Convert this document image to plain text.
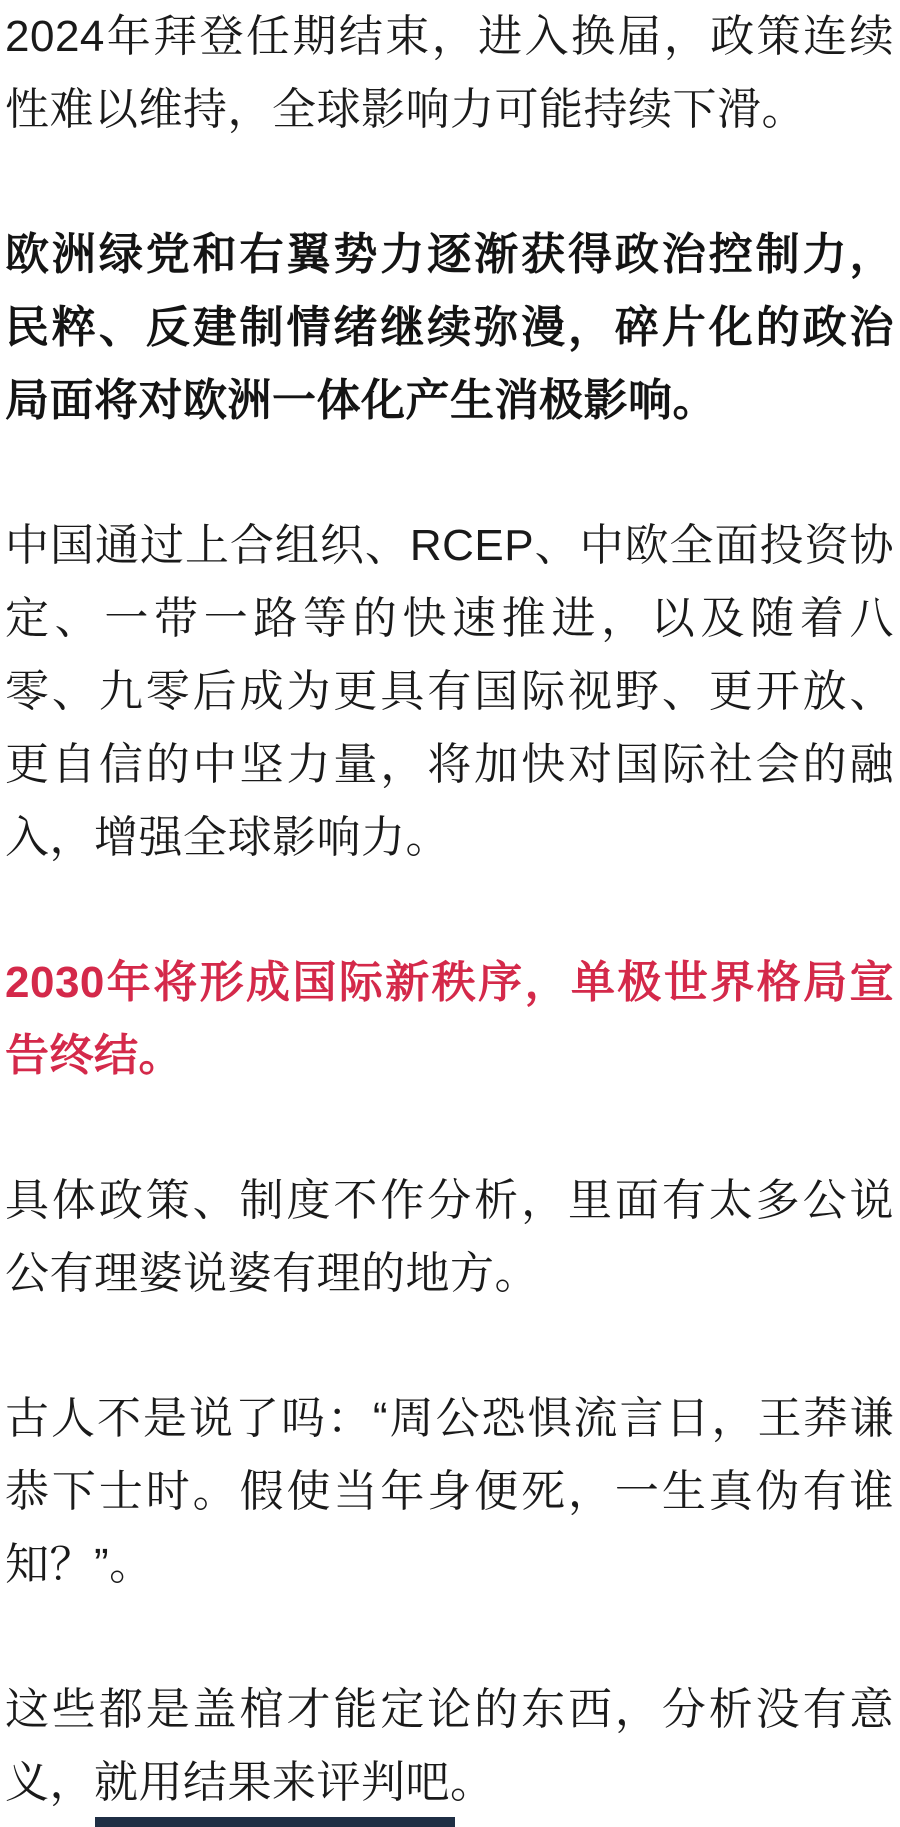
2024年拜登任期结束，进入换届，政策连续性难以维持，全球影响力可能持续下滑。

欧洲绿党和右翼势力逐渐获得政治控制力，民粹、反建制情绪继续弥漫，碎片化的政治局面将对欧洲一体化产生消极影响。

中国通过上合组织、RCEP、中欧全面投资协定、一带一路等的快速推进，以及随着八零、九零后成为更具有国际视野、更开放、更自信的中坚力量，将加快对国际社会的融入，增强全球影响力。

2030年将形成国际新秩序，单极世界格局宣告终结。

具体政策、制度不作分析，里面有太多公说公有理婆说婆有理的地方。

古人不是说了吗：“周公恐惧流言日，王莽谦恭下士时。假使当年身便死，一生真伪有谁知？”。

这些都是盖棺才能定论的东西，分析没有意义，就用结果来评判吧。
